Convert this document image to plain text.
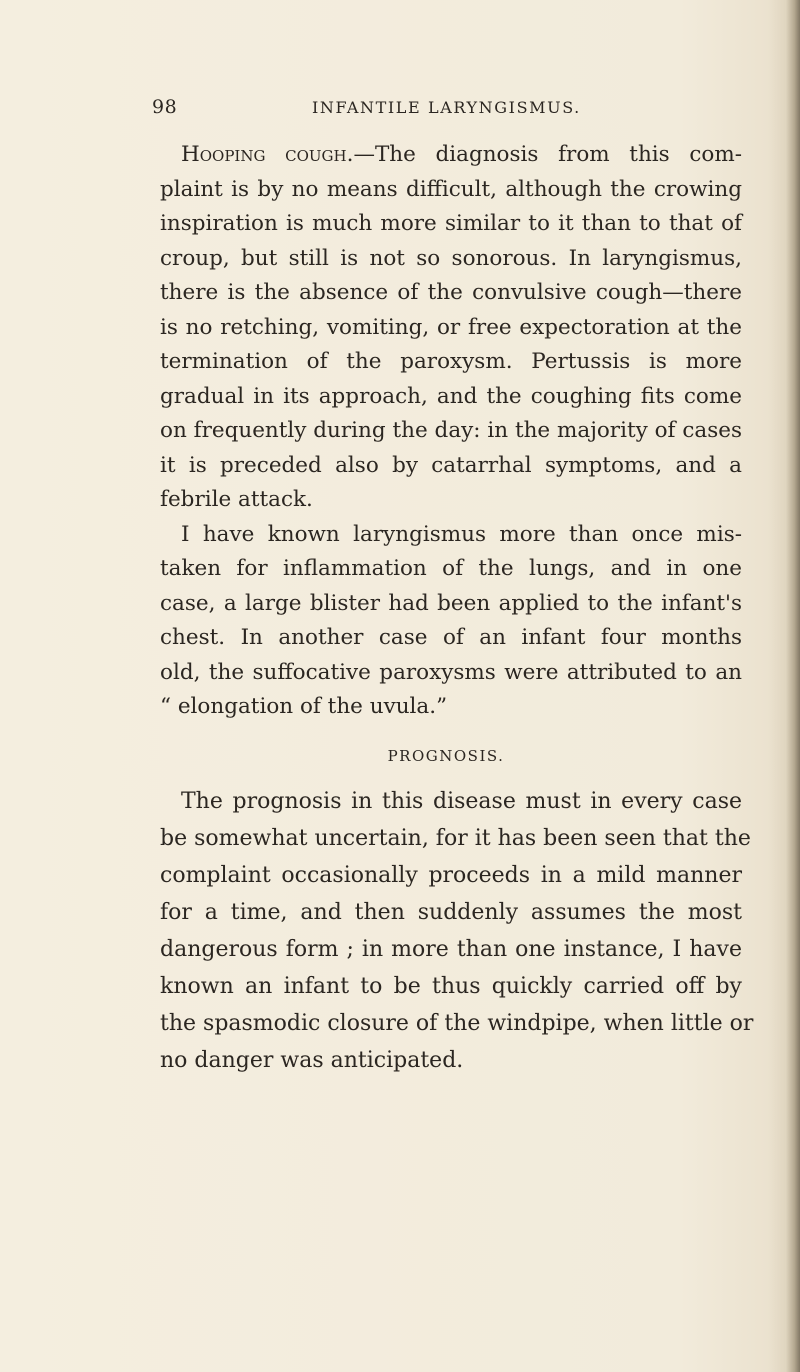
98	INFANTILE LARYNGISMUS.
Hooping cough.—The diagnosis from this com-
plaint is by no means difficult, although the crowing
inspiration is much more similar to it than to that of
croup, but still is not so sonorous. In laryngismus,
there is the absence of the convulsive cough—there
is no retching, vomiting, or free expectoration at the
termination of the paroxysm. Pertussis is more
gradual in its approach, and the coughing fits come
on frequently during the day: in the majority of cases
it is preceded also by catarrhal symptoms, and a
febrile attack.
I have known laryngismus more than once mis-
taken for inflammation of the lungs, and in one
case, a large blister had been applied to the infant's
chest. In another case of an infant four months
old, the suffocative paroxysms were attributed to an
“ elongation of the uvula.”
PROGNOSIS.
The prognosis in this disease must in every case
be somewhat uncertain, for it has been seen that the
complaint occasionally proceeds in a mild manner
for a time, and then suddenly assumes the most
dangerous form ; in more than one instance, I have
known an infant to be thus quickly carried off by
the spasmodic closure of the windpipe, when little or
no danger was anticipated.
